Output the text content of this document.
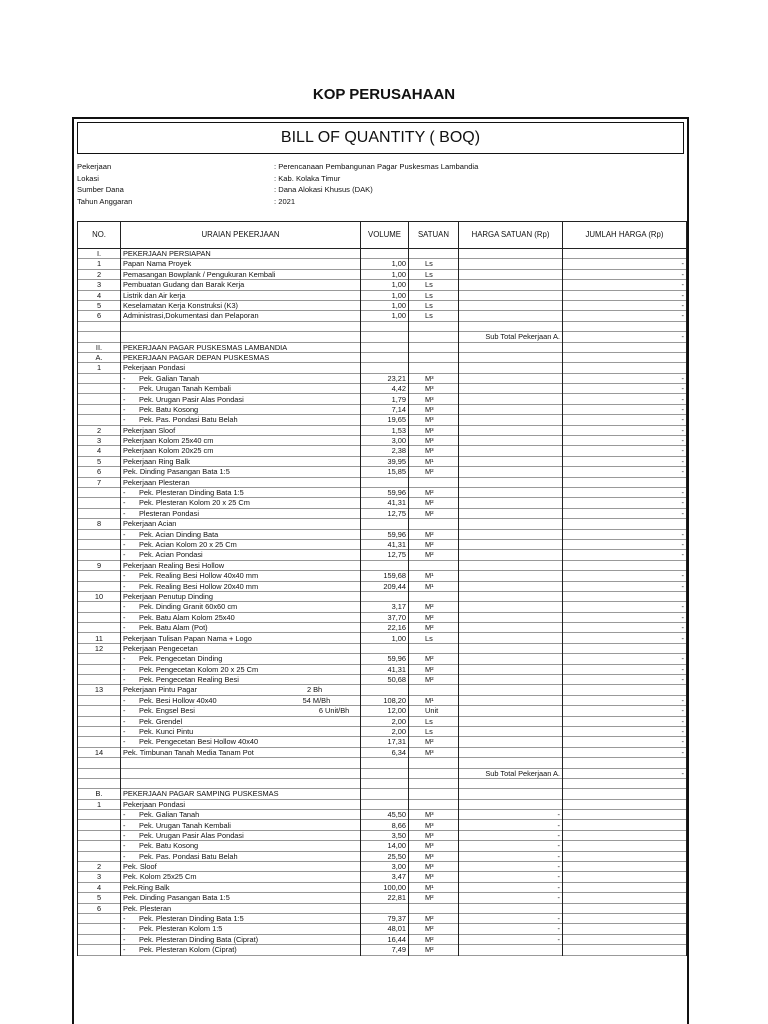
KOP PERUSAHAAN
BILL OF QUANTITY ( BOQ)
Pekerjaan	: Perencanaan Pembangunan Pagar Puskesmas Lambandia
Lokasi	: Kab. Kolaka Timur
Sumber Dana	: Dana Alokasi Khusus (DAK)
Tahun Anggaran	: 2021
NO.	URAIAN PEKERJAAN	VOLUME	SATUAN	HARGA SATUAN (Rp)	JUMLAH HARGA (Rp)
I.	PEKERJAAN PERSIAPAN				
1	Papan Nama Proyek	1,00	Ls		-
2	Pemasangan Bowplank / Pengukuran Kembali	1,00	Ls		-
3	Pembuatan Gudang dan Barak Kerja	1,00	Ls		-
4	Listrik dan Air kerja	1,00	Ls		-
5	Keselamatan Kerja Konstruksi (K3)	1,00	Ls		-
6	Administrasi,Dokumentasi dan Pelaporan	1,00	Ls		-

				Sub Total Pekerjaan A.	-
II.	PEKERJAAN PAGAR PUSKESMAS LAMBANDIA				
A.	PEKERJAAN PAGAR DEPAN PUSKESMAS				
1	Pekerjaan Pondasi				
	- Pek. Galian Tanah	23,21	M³		-
	- Pek. Urugan Tanah Kembali	4,42	M³		-
	- Pek. Urugan Pasir Alas Pondasi	1,79	M³		-
	- Pek. Batu Kosong	7,14	M³		-
	- Pek. Pas. Pondasi Batu Belah	19,65	M³		-
2	Pekerjaan Sloof	1,53	M³		-
3	Pekerjaan Kolom 25x40 cm	3,00	M³		-
4	Pekerjaan Kolom 20x25 cm	2,38	M³		-
5	Pekerjaan Ring Balk	39,95	M¹		-
6	Pek. Dinding Pasangan Bata 1:5	15,85	M²		-
7	Pekerjaan Plesteran				
	- Pek. Plesteran Dinding Bata 1:5	59,96	M²		-
	- Pek. Plesteran Kolom 20 x 25 Cm	41,31	M²		-
	- Plesteran Pondasi	12,75	M²		-
8	Pekerjaan Acian				
	- Pek. Acian Dinding Bata	59,96	M²		-
	- Pek. Acian Kolom 20 x 25 Cm	41,31	M²		-
	- Pek. Acian Pondasi	12,75	M²		-
9	Pekerjaan Realing Besi Hollow				
	- Pek. Realing Besi Hollow 40x40 mm	159,68	M¹		-
	- Pek. Realing Besi Hollow 20x40 mm	209,44	M¹		-
10	Pekerjaan Penutup Dinding				
	- Pek. Dinding Granit 60x60 cm	3,17	M²		-
	- Pek. Batu Alam Kolom 25x40	37,70	M²		-
	- Pek. Batu Alam (Pot)	22,16	M²		-
11	Pekerjaan Tulisan Papan Nama + Logo	1,00	Ls		-
12	Pekerjaan Pengecetan				
	- Pek. Pengecetan Dinding	59,96	M²		-
	- Pek. Pengecetan Kolom 20 x 25 Cm	41,31	M²		-
	- Pek. Pengecetan Realing Besi	50,68	M²		-
13	Pekerjaan Pintu Pagar 2 Bh				
	- Pek. Besi Hollow 40x40 54 M/Bh	108,20	M¹		-
	- Pek. Engsel Besi 6 Unit/Bh	12,00	Unit		-
	- Pek. Grendel	2,00	Ls		-
	- Pek. Kunci Pintu	2,00	Ls		-
	- Pek. Pengecetan Besi Hollow 40x40	17,31	M²		-
14	Pek. Timbunan Tanah Media Tanam Pot	6,34	M³		-

				Sub Total Pekerjaan A.	-

B.	PEKERJAAN PAGAR SAMPING PUSKESMAS				
1	Pekerjaan Pondasi				
	- Pek. Galian Tanah	45,50	M³	-	
	- Pek. Urugan Tanah Kembali	8,66	M³	-	
	- Pek. Urugan Pasir Alas Pondasi	3,50	M³	-	
	- Pek. Batu Kosong	14,00	M³	-	
	- Pek. Pas. Pondasi Batu Belah	25,50	M³	-	
2	Pek. Sloof	3,00	M³	-	
3	Pek. Kolom 25x25 Cm	3,47	M³	-	
4	Pek.Ring Balk	100,00	M¹	-	
5	Pek. Dinding Pasangan Bata 1:5	22,81	M²	-	
6	Pek. Plesteran				
	- Pek. Plesteran Dinding Bata 1:5	79,37	M²	-	
	- Pek. Plesteran Kolom 1:5	48,01	M²	-	
	- Pek. Plesteran Dinding Bata (Ciprat)	16,44	M²	-	
	- Pek. Plesteran Kolom (Ciprat)	7,49	M²		
